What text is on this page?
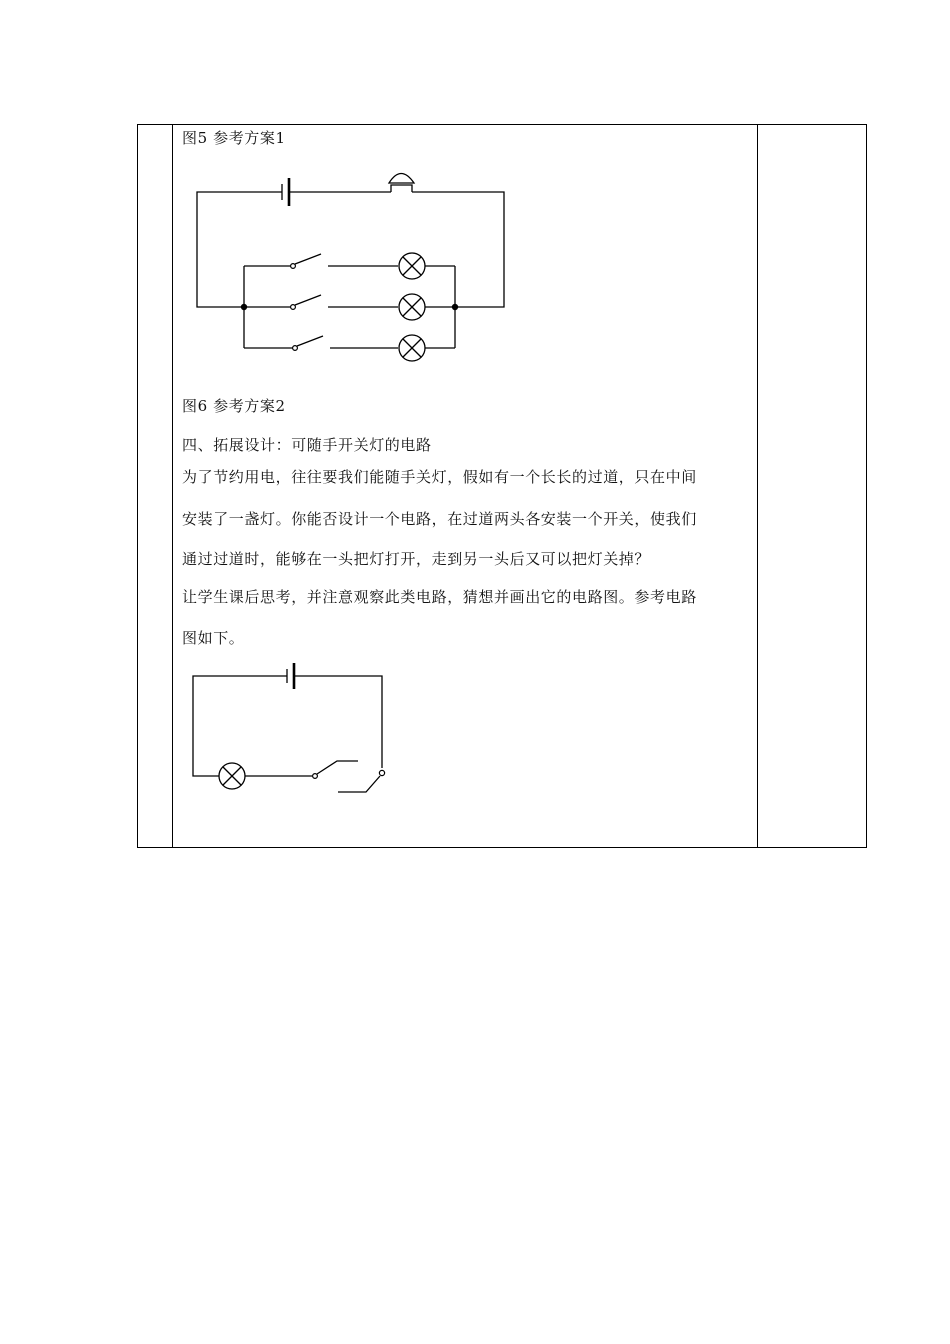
图5 参考方案1
图6 参考方案2
四、拓展设计：可随手开关灯的电路
为了节约用电，往往要我们能随手关灯，假如有一个长长的过道，只在中间
安装了一盏灯。你能否设计一个电路，在过道两头各安装一个开关，使我们
通过过道时，能够在一头把灯打开，走到另一头后又可以把灯关掉？
让学生课后思考，并注意观察此类电路，猜想并画出它的电路图。参考电路
图如下。
